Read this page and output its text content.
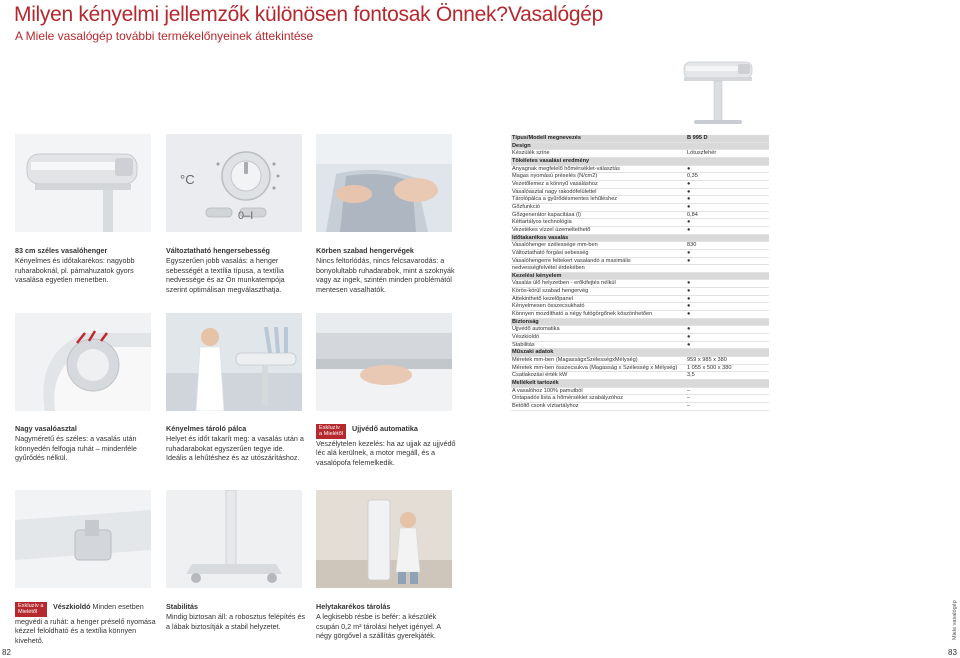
Milyen kényelmi jellemzők különösen fontosak Önnek?
A Miele vasalógép további termékelőnyeinek áttekintése
Vasalógép
°C
0–I
83 cm széles vasalóhenger
Kényelmes és időtakarékos: nagyobb ruharaboknál, pl. párnahuzatok gyors vasalása egyetlen menetben.
Változtatható hengersebesség
Egyszerűen jobb vasalás: a henger sebességét a textília típusa, a textília nedvessége és az Ön munkatempója szerint optimálisan megválaszthatja.
Körben szabad hengervégek
Nincs feltorlódás, nincs felcsavarodás: a bonyolultabb ruhadarabok, mint a szoknyák vagy az ingek, szintén minden problémától mentesen vasalhatók.
Nagy vasalóasztal
Nagyméretű és széles: a vasalás után könnyedén felfogja ruhát – mindenféle gyűrődés nélkül.
Kényelmes tároló pálca
Helyet és időt takarít meg: a vasalás után a ruhadarabokat egyszerűen tegye ide. Ideális a lehűtéshez és az utószárításhoz.
Exkluzív a MielétőlUjjvédő automatika Veszélytelen kezelés: ha az ujjak az ujjvédő léc alá kerülnek, a motor megáll, és a vasalópofa felemelkedik.
Exkluzív a MielétőlVészkioldó Minden esetben megvédi a ruhát: a henger préselő nyomása kézzel feloldható és a textília könnyen kivehető.
Stabilitás
Mindig biztosan áll: a robosztus felépítés és a lábak biztosítják a stabil helyzetet.
Helytakarékos tárolás
A legkisebb résbe is befér: a készülék csupán 0,2 m² tárolási helyet igényel. A négy görgővel a szállítás gyerekjáték.
Típus/Modell megnevezés	B 995 D
Design
Készülék színe	Lótuszfehér
Tökéletes vasalási eredmény
Anyagnak megfelelő hőmérséklet-választás	●
Magas nyomású préselés (N/cm2)	0,35
Vezetőlemez a könnyű vasaláshoz	●
Vasalóasztal nagy rakodófelülettel	●
Tárolópálca a gyűrődésmentes lehűléshez	●
Gőzfunkció	●
Gőzgenerátor kapacitása (l)	0,84
Kéttartályos technológia	●
Vezetékes vízzel üzemeltethető	●
Időtakarékos vasalás
Vasalóhenger szélessége mm-ben	830
Változtatható forgási sebesség	●
Vasalóhengerre feltekert vasalandó a maximális	●
nedvességfelvétel érdekében
Kezelési kényelem
Vasalás ülő helyzetben - erőkifejtés nélkül	●
Körös-körül szabad hengervég	●
Áttekinthető kezelőpanel	●
Kényelmesen összecsukható	●
Könnyen mozdítható a négy futógörgőnek köszönhetően	●
Biztonság
Ujjvédő automatika	●
Vészkioldó	●
Stabilitás	●
Műszaki adatok
Méretek mm-ben (MagasságxSzélességxMélység)	959 x 985 x 380
Méretek mm-ben összecsukva (Magasság x Szélesség x Mélység)	1 055 x 500 x 380
Csatlakozási érték kW	3,5
Mellékelt tartozék
A vasalóhoz 100% pamutból	–
Öntapadós lista a hőmérséklet szabályzóhoz	–
Betöltő csonk víztartályhoz	–
82	83
Miele vasalógép
